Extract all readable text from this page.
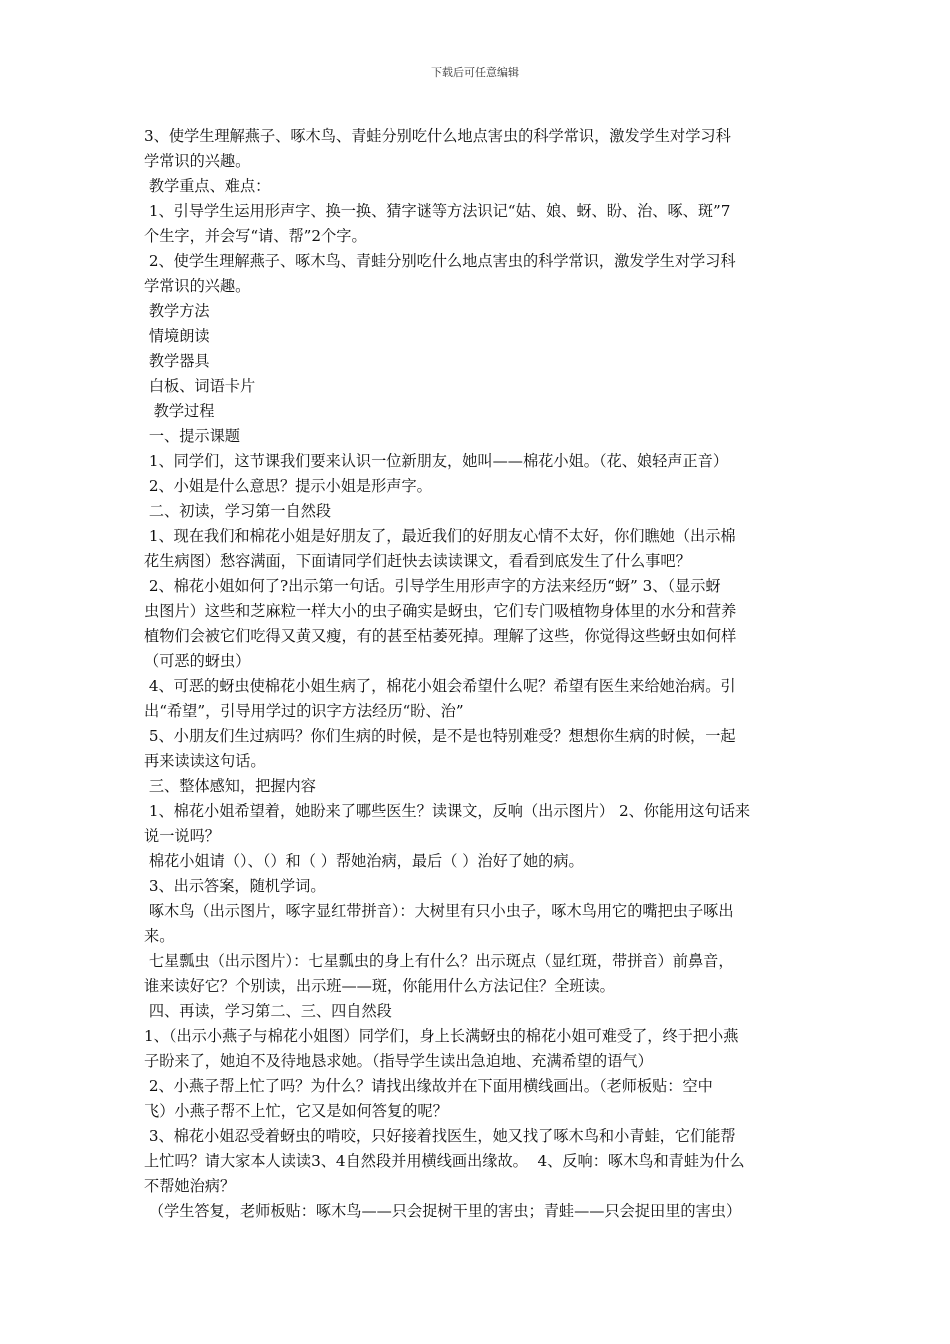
下载后可任意编辑
3、使学生理解燕子、啄木鸟、青蛙分别吃什么地点害虫的科学常识，激发学生对学习科
学常识的兴趣。
教学重点、难点：
1、引导学生运用形声字、换一换、猜字谜等方法识记“姑、娘、蚜、盼、治、啄、斑”7
个生字，并会写“请、帮”2个字。
2、使学生理解燕子、啄木鸟、青蛙分别吃什么地点害虫的科学常识，激发学生对学习科
学常识的兴趣。
教学方法
情境朗读
教学器具
白板、词语卡片
教学过程
一、提示课题
1、同学们，这节课我们要来认识一位新朋友，她叫——棉花小姐。（花、娘轻声正音）
2、小姐是什么意思？提示小姐是形声字。
二、初读，学习第一自然段
1、现在我们和棉花小姐是好朋友了，最近我们的好朋友心情不太好，你们瞧她（出示棉
花生病图）愁容满面，下面请同学们赶快去读读课文，看看到底发生了什么事吧？
2、棉花小姐如何了?出示第一句话。引导学生用形声字的方法来经历“蚜” 3、（显示蚜
虫图片）这些和芝麻粒一样大小的虫子确实是蚜虫，它们专门吸植物身体里的水分和营养
植物们会被它们吃得又黄又瘦，有的甚至枯萎死掉。理解了这些，你觉得这些蚜虫如何样
（可恶的蚜虫）
4、可恶的蚜虫使棉花小姐生病了，棉花小姐会希望什么呢？希望有医生来给她治病。引
出“希望”，引导用学过的识字方法经历“盼、治”
5、小朋友们生过病吗？你们生病的时候，是不是也特别难受？想想你生病的时候，一起
再来读读这句话。
三、整体感知，把握内容
1、棉花小姐希望着，她盼来了哪些医生？读课文，反响（出示图片） 2、你能用这句话来
说一说吗？
棉花小姐请（）、（）和（ ）帮她治病，最后（ ）治好了她的病。
3、出示答案，随机学词。
啄木鸟（出示图片，啄字显红带拼音）：大树里有只小虫子，啄木鸟用它的嘴把虫子啄出
来。
七星瓢虫（出示图片）：七星瓢虫的身上有什么？出示斑点（显红斑，带拼音）前鼻音，
谁来读好它？个别读，出示班——斑，你能用什么方法记住？全班读。
四、再读，学习第二、三、四自然段
1、（出示小燕子与棉花小姐图）同学们，身上长满蚜虫的棉花小姐可难受了，终于把小燕
子盼来了，她迫不及待地恳求她。（指导学生读出急迫地、充满希望的语气）
2、小燕子帮上忙了吗？为什么？请找出缘故并在下面用横线画出。（老师板贴：空中
飞）小燕子帮不上忙，它又是如何答复的呢？
3、棉花小姐忍受着蚜虫的啃咬，只好接着找医生，她又找了啄木鸟和小青蛙，它们能帮
上忙吗？请大家本人读读3、4自然段并用横线画出缘故。  4、反响：啄木鸟和青蛙为什么
不帮她治病？
（学生答复，老师板贴：啄木鸟——只会捉树干里的害虫；青蛙——只会捉田里的害虫）
